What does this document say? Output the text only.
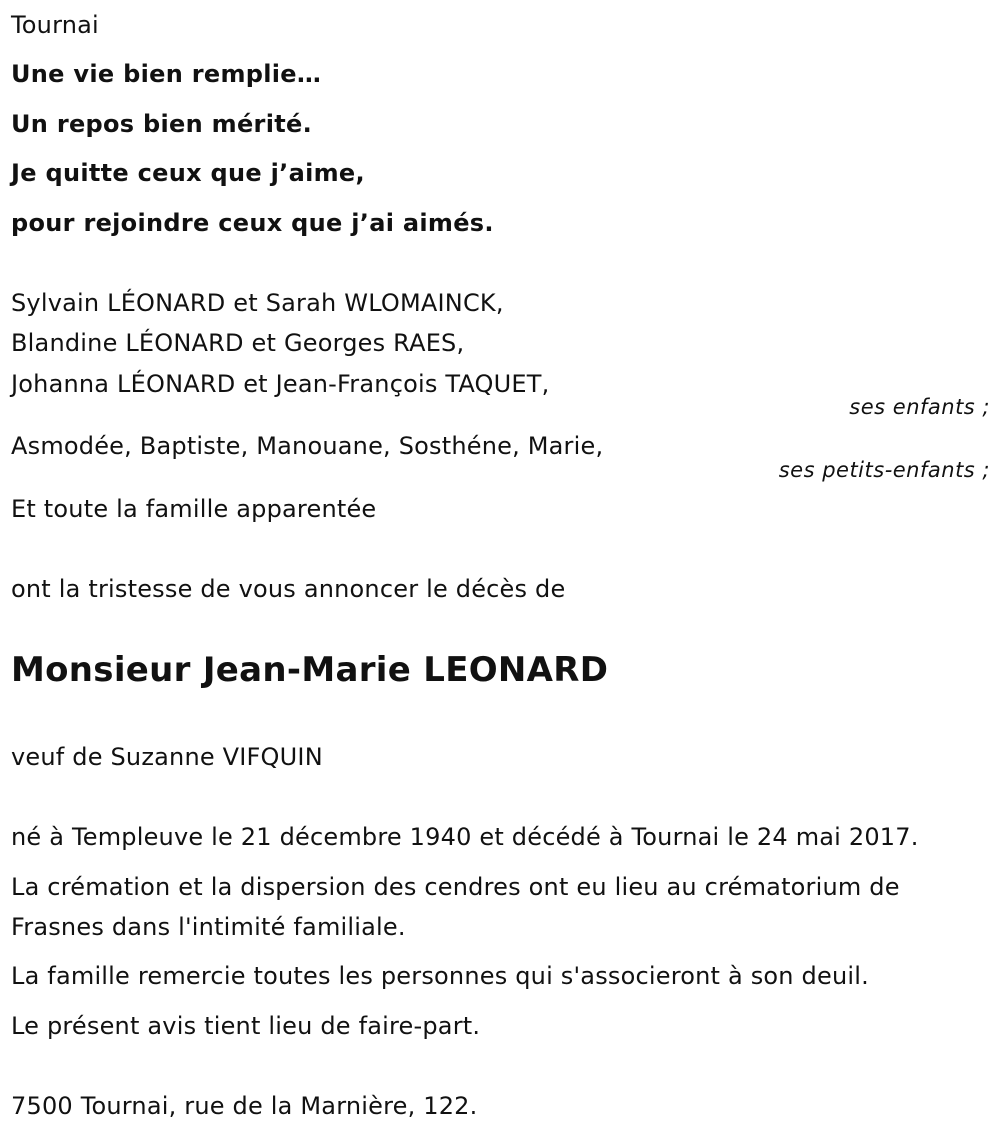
Tournai
Une vie bien remplie…
Un repos bien mérité.
Je quitte ceux que j’aime,
pour rejoindre ceux que j’ai aimés.
Sylvain LÉONARD et Sarah WLOMAINCK,
Blandine LÉONARD et Georges RAES,
Johanna LÉONARD et Jean-François TAQUET,
ses enfants ;
Asmodée, Baptiste, Manouane, Sosthéne, Marie,
ses petits-enfants ;
Et toute la famille apparentée
ont la tristesse de vous annoncer le décès de
Monsieur Jean-Marie LEONARD
veuf de Suzanne VIFQUIN
né à Templeuve le 21 décembre 1940 et décédé à Tournai le 24 mai 2017.
La crémation et la dispersion des cendres ont eu lieu au crématorium de
Frasnes dans l'intimité familiale.
La famille remercie toutes les personnes qui s'associeront à son deuil.
Le présent avis tient lieu de faire-part.
7500 Tournai, rue de la Marnière, 122.
